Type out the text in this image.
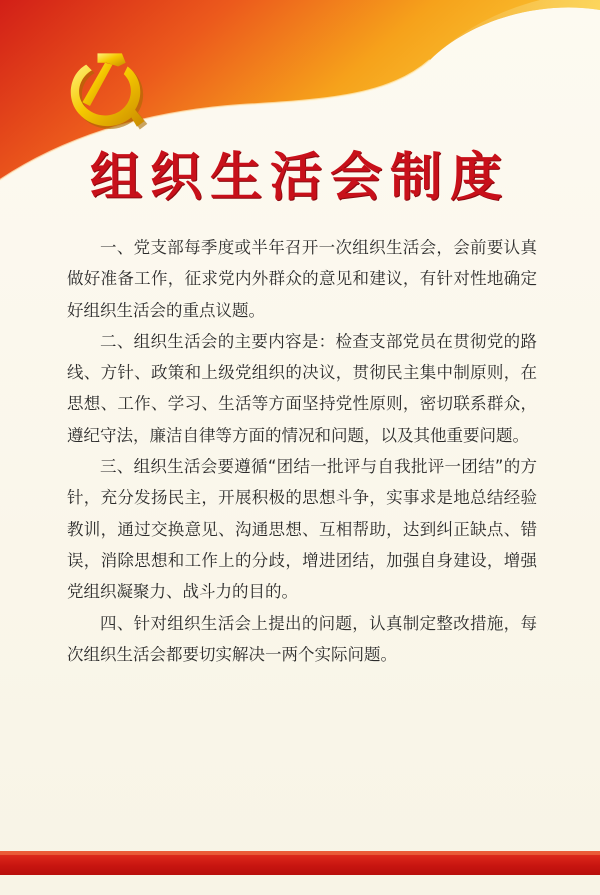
组织生活会制度

一、党支部每季度或半年召开一次组织生活会，会前要认真做好准备工作，征求党内外群众的意见和建议，有针对性地确定好组织生活会的重点议题。

二、组织生活会的主要内容是：检查支部党员在贯彻党的路线、方针、政策和上级党组织的决议，贯彻民主集中制原则，在思想、工作、学习、生活等方面坚持党性原则，密切联系群众，遵纪守法，廉洁自律等方面的情况和问题，以及其他重要问题。

三、组织生活会要遵循“团结一批评与自我批评一团结”的方针，充分发扬民主，开展积极的思想斗争，实事求是地总结经验教训，通过交换意见、沟通思想、互相帮助，达到纠正缺点、错误，消除思想和工作上的分歧，增进团结，加强自身建设，增强党组织凝聚力、战斗力的目的。

四、针对组织生活会上提出的问题，认真制定整改措施，每次组织生活会都要切实解决一两个实际问题。
